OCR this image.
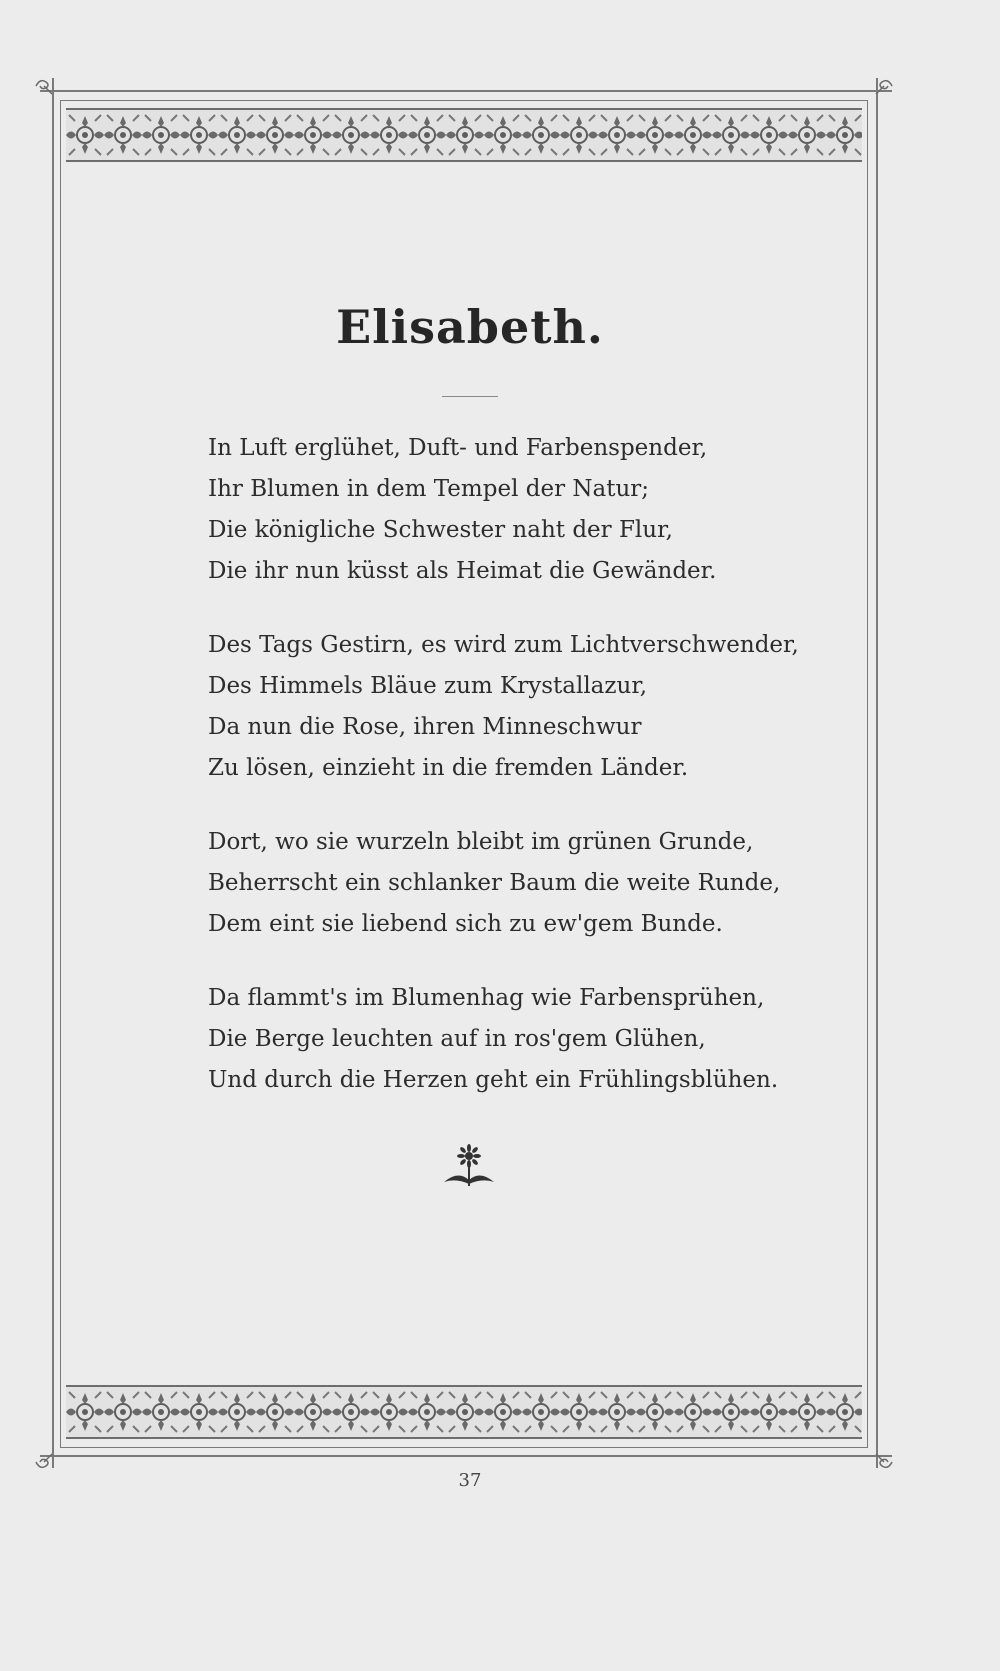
Elisabeth.
In Luft erglühet, Duft- und Farbenspender,
Ihr Blumen in dem Tempel der Natur;
Die königliche Schwester naht der Flur,
Die ihr nun küsst als Heimat die Gewänder.
Des Tags Gestirn, es wird zum Lichtverschwender,
Des Himmels Bläue zum Krystallazur,
Da nun die Rose, ihren Minneschwur
Zu lösen, einzieht in die fremden Länder.
Dort, wo sie wurzeln bleibt im grünen Grunde,
Beherrscht ein schlanker Baum die weite Runde,
Dem eint sie liebend sich zu ew'gem Bunde.
Da flammt's im Blumenhag wie Farbensprühen,
Die Berge leuchten auf in ros'gem Glühen,
Und durch die Herzen geht ein Frühlingsblühen.
37
